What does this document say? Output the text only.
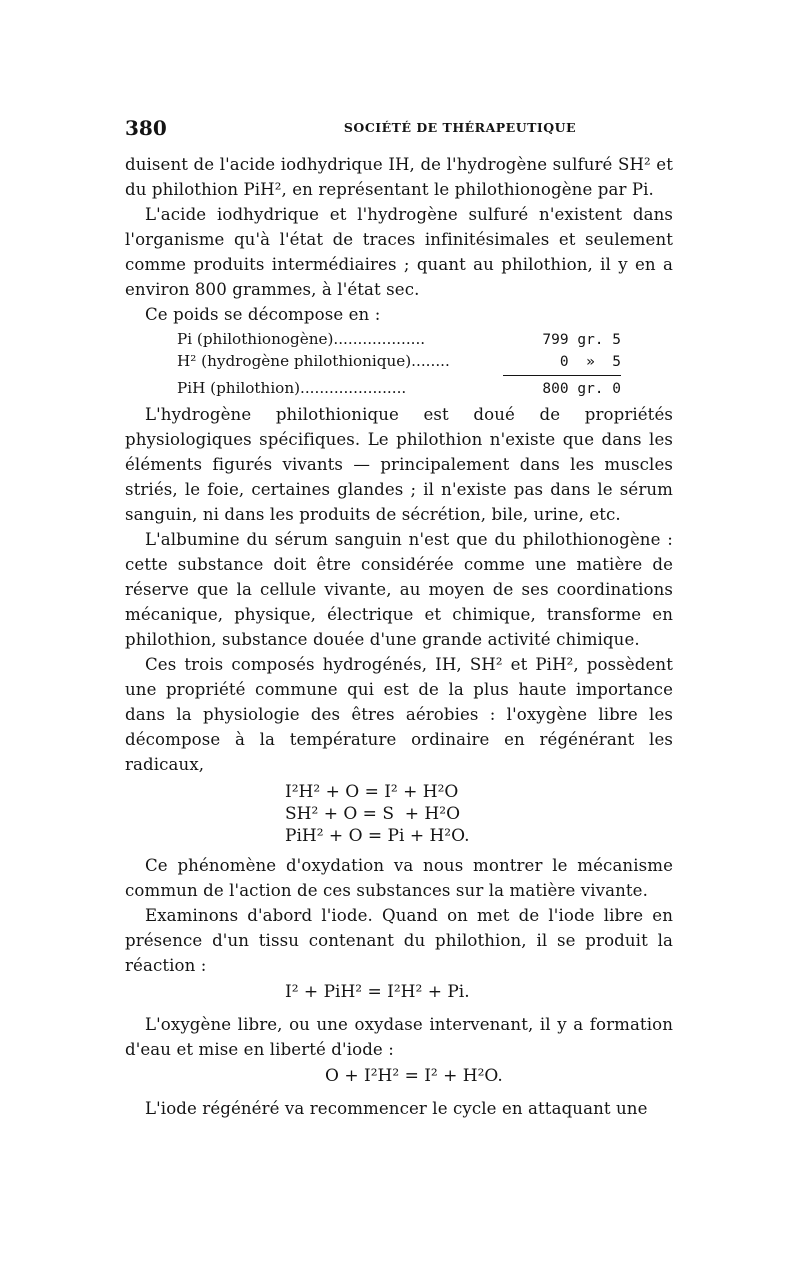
380	SOCIÉTÉ DE THÉRAPEUTIQUE

duisent de l'acide iodhydrique IH, de l'hydrogène sulfuré SH² et du philothion PiH², en représentant le philothionogène par Pi.

L'acide iodhydrique et l'hydrogène sulfuré n'existent dans l'organisme qu'à l'état de traces infinitésimales et seulement comme produits intermédiaires ; quant au philothion, il y en a environ 800 grammes, à l'état sec.

Ce poids se décompose en :

Pi (philothionogène)...................	799 gr. 5
H² (hydrogène philothionique)........	0  »  5
PiH (philothion)......................	800 gr. 0

L'hydrogène philothionique est doué de propriétés physiologiques spécifiques. Le philothion n'existe que dans les éléments figurés vivants — principalement dans les muscles striés, le foie, certaines glandes ; il n'existe pas dans le sérum sanguin, ni dans les produits de sécrétion, bile, urine, etc.

L'albumine du sérum sanguin n'est que du philothionogène : cette substance doit être considérée comme une matière de réserve que la cellule vivante, au moyen de ses coordinations mécanique, physique, électrique et chimique, transforme en philothion, substance douée d'une grande activité chimique.

Ces trois composés hydrogénés, IH, SH² et PiH², possèdent une propriété commune qui est de la plus haute importance dans la physiologie des êtres aérobies : l'oxygène libre les décompose à la température ordinaire en régénérant les radicaux,

I²H² + O = I² + H²O
SH² + O = S  + H²O
PiH² + O = Pi + H²O.

Ce phénomène d'oxydation va nous montrer le mécanisme commun de l'action de ces substances sur la matière vivante.

Examinons d'abord l'iode. Quand on met de l'iode libre en présence d'un tissu contenant du philothion, il se produit la réaction :

I² + PiH² = I²H² + Pi.

L'oxygène libre, ou une oxydase intervenant, il y a formation d'eau et mise en liberté d'iode :

O + I²H² = I² + H²O.

L'iode régénéré va recommencer le cycle en attaquant une
